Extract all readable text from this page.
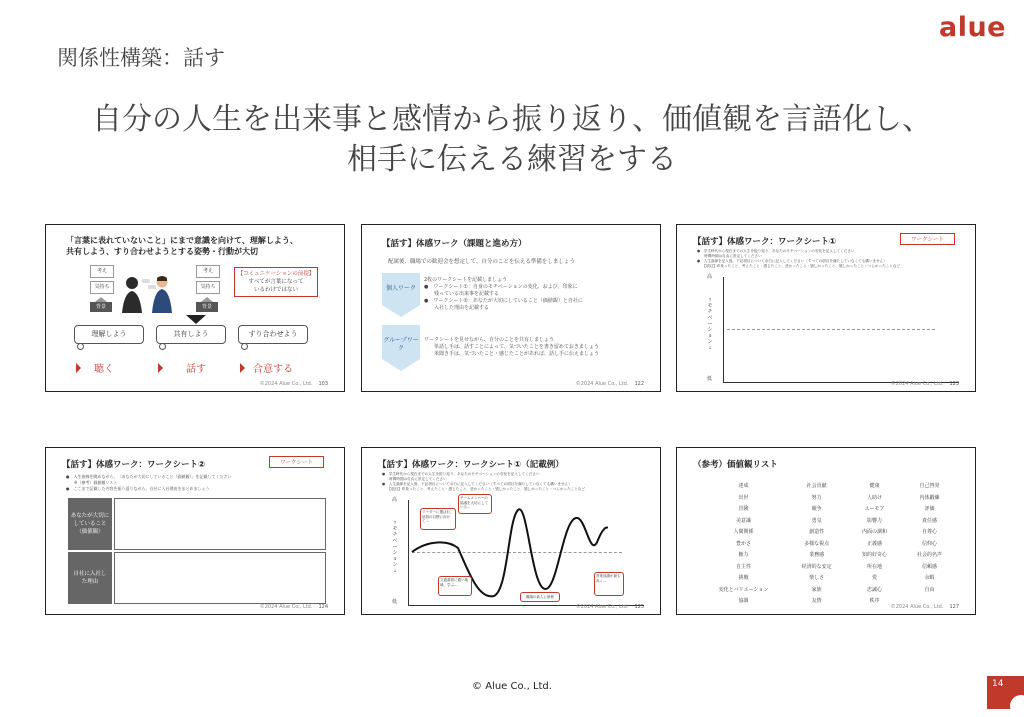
alue
関係性構築：話す
自分の人生を出来事と感情から振り返り、価値観を言語化し、
相手に伝える練習をする
「言葉に表れていないこと」にまで意識を向けて、理解しよう、
共有しよう、すり合わせようとする姿勢・行動が大切
考え
気持ち
背景
考え
気持ち
背景
【コミュニケーションの前提】
すべてが言葉になって
いるわけではない
理解しよう	共有しよう	すり合わせよう
聴く	話す	合意する
©2024 Alue Co., Ltd. 103
【話す】体感ワーク（課題と進め方）
配属後、職場での歓迎会を想定して、自分のことを伝える準備をしましょう
個人ワーク
2枚のワークシートを記載しましょう
●　ワークシート①：自身のモチベーションの変化、および、印象に
　　残っている出来事を記載する
●　ワークシート②：あなたが大切にしていること（価値観）と自社に
　　入社した理由を記載する
グループワーク
ワークシートを見せながら、自分のことを共有しましょう
　　単話し手は、話すことによって、気づいたことを書き留めておきましょう
　　米聞き手は、気づいたこと・感じたことがあれば、話し手に伝えましょう
©2024 Alue Co., Ltd. 122
【話す】体感ワーク：ワークシート①	ワークシート
●　学生時代から現在までの人生を振り返り、あなたのモチベーションの変化を記入してください
　　時間時期は自由に設定してください
●　人生曲線を記入後、下記項目について余白に記入してください（すべての項目を満たしていなくても構いません）
　　【項目】印象ったこと、考えたこと・感じたこと、悲かったこと・嬉しかったこと、嬉しかったこと・つらかったことなど
高
低
↑
モチベーション
↓
©2024 Alue Co., Ltd. 123
【話す】体感ワーク：ワークシート②	ワークシート
●　人生曲線を眺めながら、「あなたが大切にしていること（価値観）」を記載してください
　　※（参考）価値観リスト
●　ここまで記載した内容を振り返りながら、自社に入社理由をまとめましょう
あなたが大切にしていること（価値観）
自社に入社した理由
©2024 Alue Co., Ltd. 124
【話す】体感ワーク：ワークシート①（記載例）
●　学生時代から現在までの人生を振り返り、あなたのモチベーションの変化を記入してください
　　時間時期は自由に設定してください
●　人生曲線を記入後、下記項目について余白に記入してください（すべての項目を満たしていなくても構いません）
　　【項目】印象ったこと、考えたこと・感じたこと、悲かったこと・嬉しかったこと、嬉しかったこと・つらかったことなど
高
低
↑
モチベーション
↓
リーダーに選ばれ、部員の目標に向けて…
チームメンバーの協議を大切にしている…
文通書面に通い地域、学ぶ…
職場の新人に研修
営業成績が最も高く…
©2024 Alue Co., Ltd. 125
（参考）価値観リスト
達成	社会貢献	健康	自己啓発
出世	努力	人助け	内体鍛練
冒険	競争	ユーモア	評価
美意識	勇気	影響力	責任感
人間関係	創造性	内面の調和	自尊心
豊かさ	多様な視点	正義感	信仰心
権力	業務感	知的好奇心	社会的名声
自主性	経済的な安定	所在地	信頼感
挑戦	楽しさ	愛	余暇
変化とバリエーション	家族	忠誠心	自由
協調	友情	秩序	
©2024 Alue Co., Ltd. 127
© Alue Co., Ltd.	14
